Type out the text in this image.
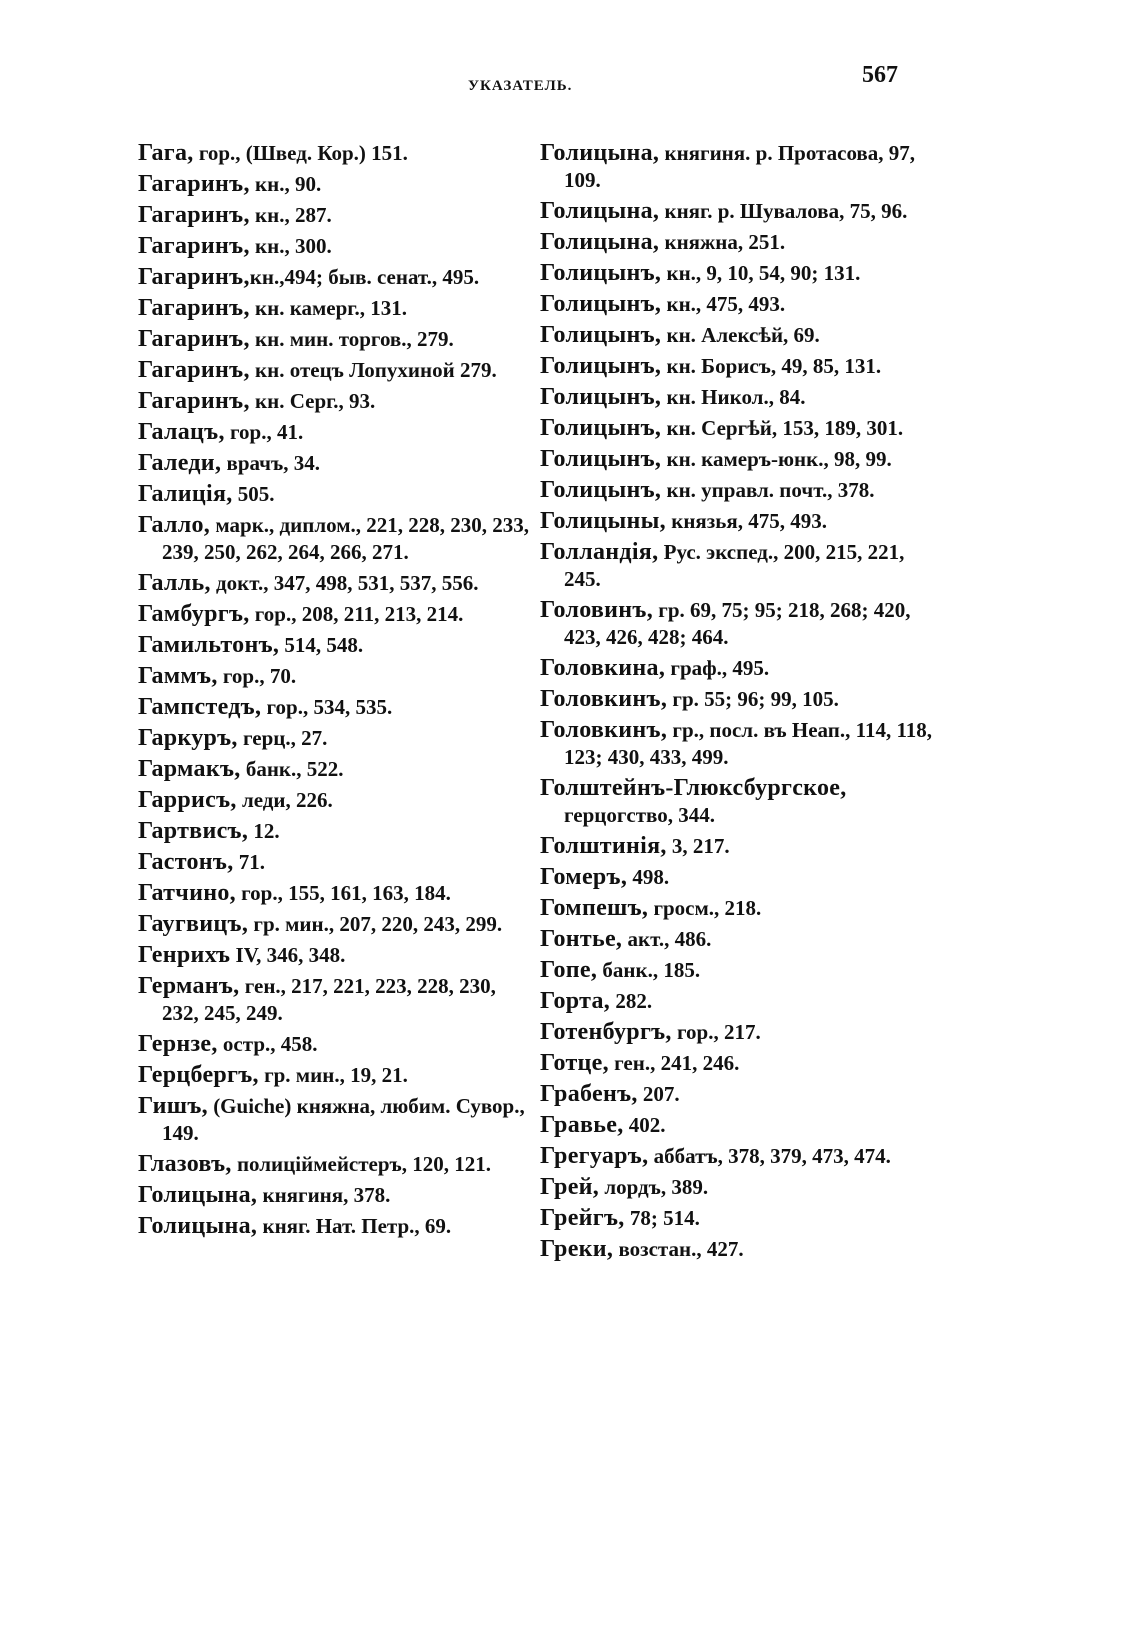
УКАЗАТЕЛЬ.	567

Гага, гор., (Швед. Кор.) 151.

Гагаринъ, кн., 90.

Гагаринъ, кн., 287.

Гагаринъ, кн., 300.

Гагаринъ,кн.,494; быв. сенат., 495.

Гагаринъ, кн. камерг., 131.

Гагаринъ, кн. мин. торгов., 279.

Гагаринъ, кн. отецъ Лопухиной 279.

Гагаринъ, кн. Серг., 93.

Галацъ, гор., 41.

Галеди, врачъ, 34.

Галиція, 505.

Галло, марк., диплом., 221, 228, 230, 233, 239, 250, 262, 264, 266, 271.

Галль, докт., 347, 498, 531, 537, 556.

Гамбургъ, гор., 208, 211, 213, 214.

Гамильтонъ, 514, 548.

Гаммъ, гор., 70.

Гампстедъ, гор., 534, 535.

Гаркуръ, герц., 27.

Гармакъ, банк., 522.

Гаррисъ, леди, 226.

Гартвисъ, 12.

Гастонъ, 71.

Гатчино, гор., 155, 161, 163, 184.

Гаугвицъ, гр. мин., 207, 220, 243, 299.

Генрихъ IV, 346, 348.

Германъ, ген., 217, 221, 223, 228, 230, 232, 245, 249.

Гернзе, остр., 458.

Герцбергъ, гр. мин., 19, 21.

Гишъ, (Guiche) княжна, любим. Сувор., 149.

Глазовъ, полиціймейстеръ, 120, 121.

Голицына, княгиня, 378.

Голицына, княг. Нат. Петр., 69.

Голицына, княгиня. р. Протасова, 97, 109.

Голицына, княг. р. Шувалова, 75, 96.

Голицына, княжна, 251.

Голицынъ, кн., 9, 10, 54, 90; 131.

Голицынъ, кн., 475, 493.

Голицынъ, кн. Алексѣй, 69.

Голицынъ, кн. Борисъ, 49, 85, 131.

Голицынъ, кн. Никол., 84.

Голицынъ, кн. Сергѣй, 153, 189, 301.

Голицынъ, кн. камеръ-юнк., 98, 99.

Голицынъ, кн. управл. почт., 378.

Голицыны, князья, 475, 493.

Голландія, Рус. экспед., 200, 215, 221, 245.

Головинъ, гр. 69, 75; 95; 218, 268; 420, 423, 426, 428; 464.

Головкина, граф., 495.

Головкинъ, гр. 55; 96; 99, 105.

Головкинъ, гр., посл. въ Неап., 114, 118, 123; 430, 433, 499.

Голштейнъ-Глюксбургское, герцогство, 344.

Голштинія, 3, 217.

Гомеръ, 498.

Гомпешъ, гросм., 218.

Гонтье, акт., 486.

Гопе, банк., 185.

Горта, 282.

Готенбургъ, гор., 217.

Готце, ген., 241, 246.

Грабенъ, 207.

Гравье, 402.

Грегуаръ, аббатъ, 378, 379, 473, 474.

Грей, лордъ, 389.

Грейгъ, 78; 514.

Греки, возстан., 427.
